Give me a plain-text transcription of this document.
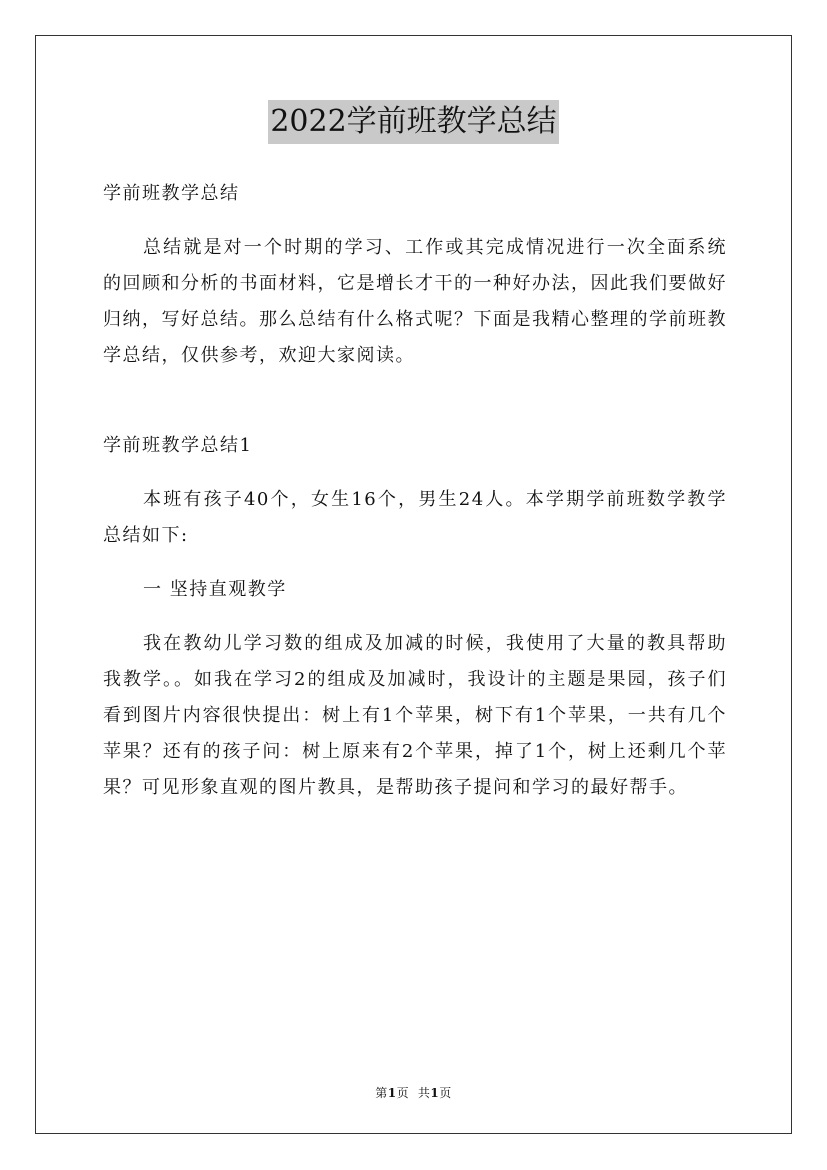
2022学前班教学总结

学前班教学总结

总结就是对一个时期的学习、工作或其完成情况进行一次全面系统的回顾和分析的书面材料，它是增长才干的一种好办法，因此我们要做好归纳，写好总结。那么总结有什么格式呢？下面是我精心整理的学前班教学总结，仅供参考，欢迎大家阅读。

学前班教学总结1

本班有孩子40个，女生16个，男生24人。本学期学前班数学教学总结如下:

一 坚持直观教学

我在教幼儿学习数的组成及加减的时候，我使用了大量的教具帮助我教学。。如我在学习2的组成及加减时，我设计的主题是果园，孩子们看到图片内容很快提出：树上有1个苹果，树下有1个苹果，一共有几个苹果？还有的孩子问：树上原来有2个苹果，掉了1个，树上还剩几个苹果？可见形象直观的图片教具，是帮助孩子提问和学习的最好帮手。

第1页 共1页
